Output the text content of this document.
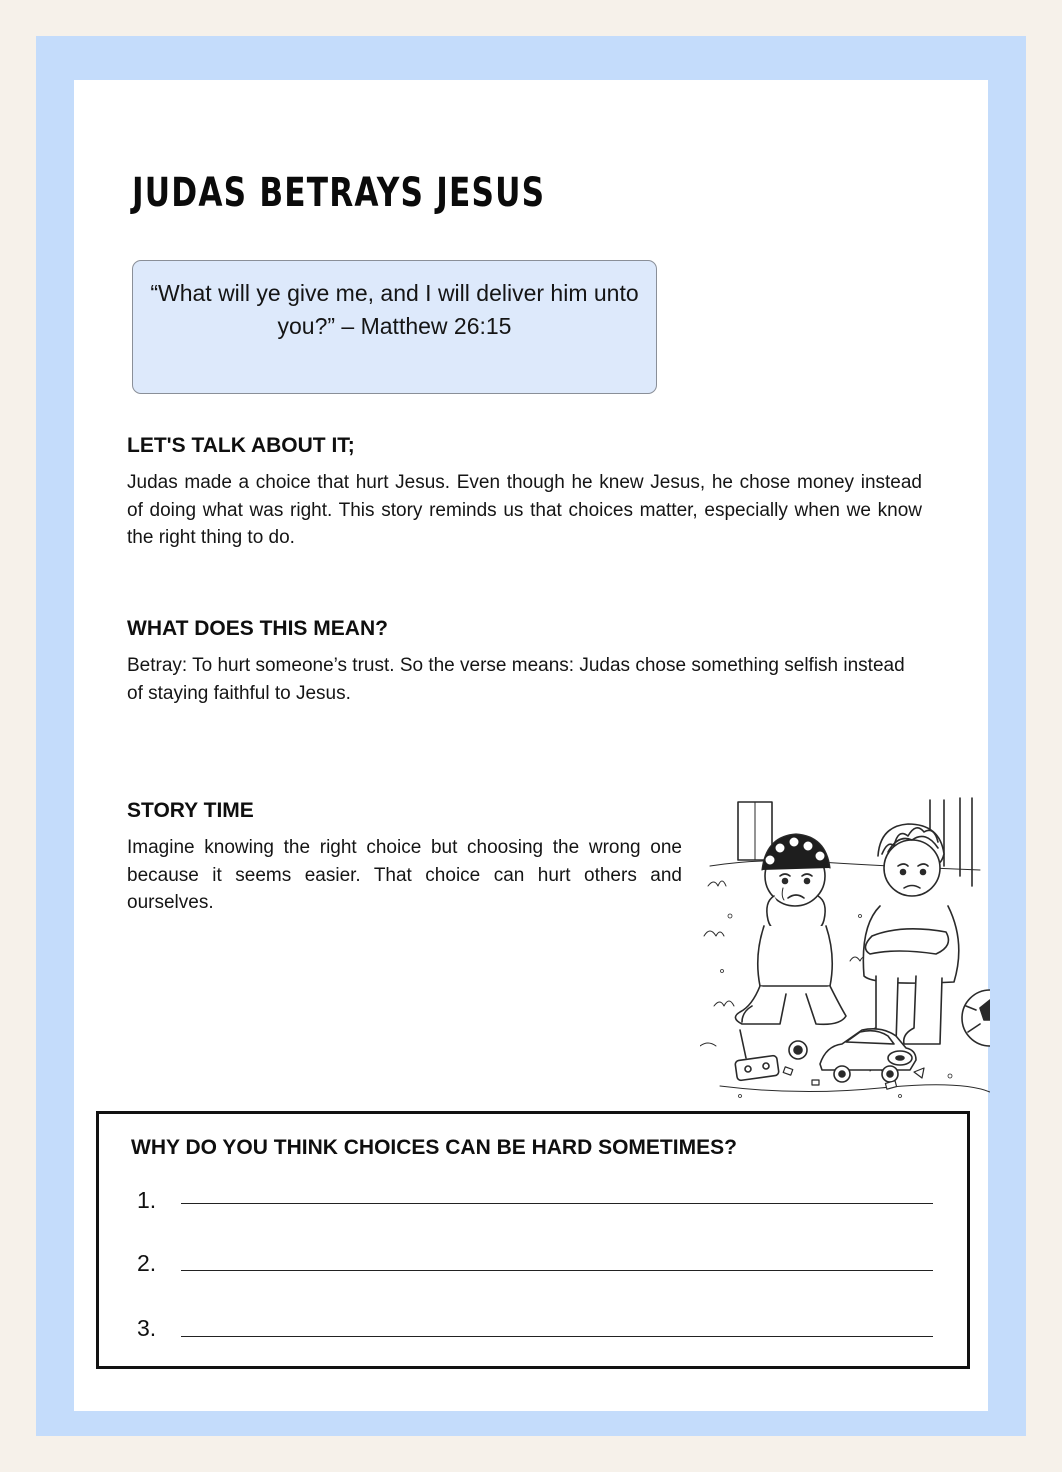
JUDAS BETRAYS JESUS
“What will ye give me, and I will deliver him unto you?” – Matthew 26:15
LET'S TALK ABOUT IT;

Judas made a choice that hurt Jesus. Even though he knew Jesus, he chose money instead of doing what was right. This story reminds us that choices matter, especially when we know the right thing to do.

WHAT DOES THIS MEAN?

Betray: To hurt someone’s trust. So the verse means: Judas chose something selfish instead of staying faithful to Jesus.

STORY TIME

Imagine knowing the right choice but choosing the wrong one because it seems easier. That choice can hurt others and ourselves.

WHY DO YOU THINK CHOICES CAN BE HARD SOMETIMES?
1.
2.
3.
